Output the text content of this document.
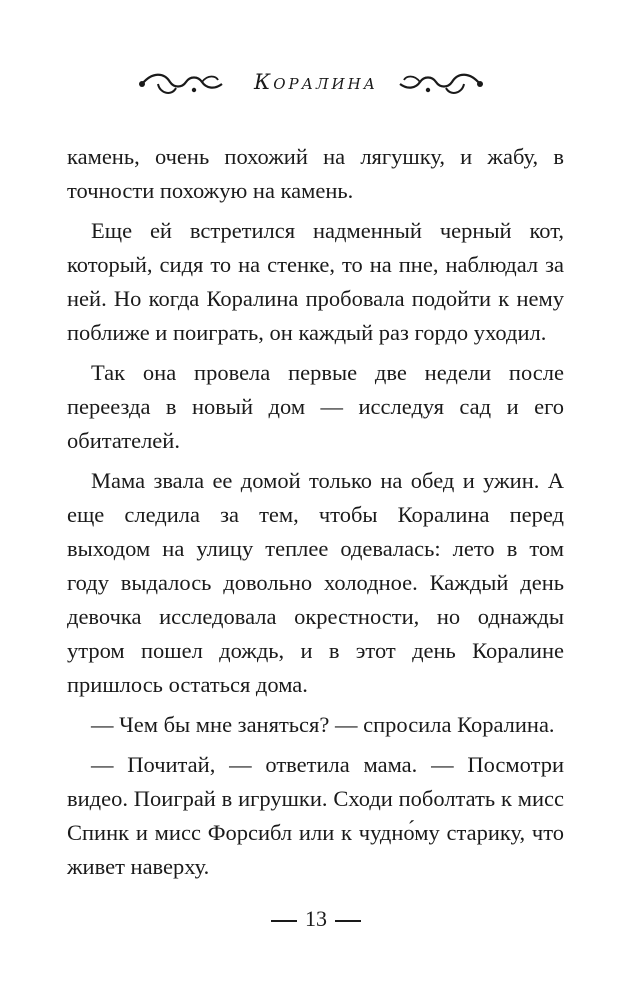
Коралина

камень, очень похожий на лягушку, и жабу, в точности похожую на камень.

Еще ей встретился надменный черный кот, который, сидя то на стенке, то на пне, наблюдал за ней. Но когда Коралина пробовала подойти к нему поближе и поиграть, он каждый раз гордо уходил.

Так она провела первые две недели после переезда в новый дом — исследуя сад и его обитателей.

Мама звала ее домой только на обед и ужин. А еще следила за тем, чтобы Коралина перед выходом на улицу теплее одевалась: лето в том году выдалось довольно холодное. Каждый день девочка исследовала окрестности, но однажды утром пошел дождь, и в этот день Коралине пришлось остаться дома.

— Чем бы мне заняться? — спросила Коралина.

— Почитай, — ответила мама. — Посмотри видео. Поиграй в игрушки. Сходи поболтать к мисс Спинк и мисс Форсибл или к чудно́му старику, что живет наверху.

13
